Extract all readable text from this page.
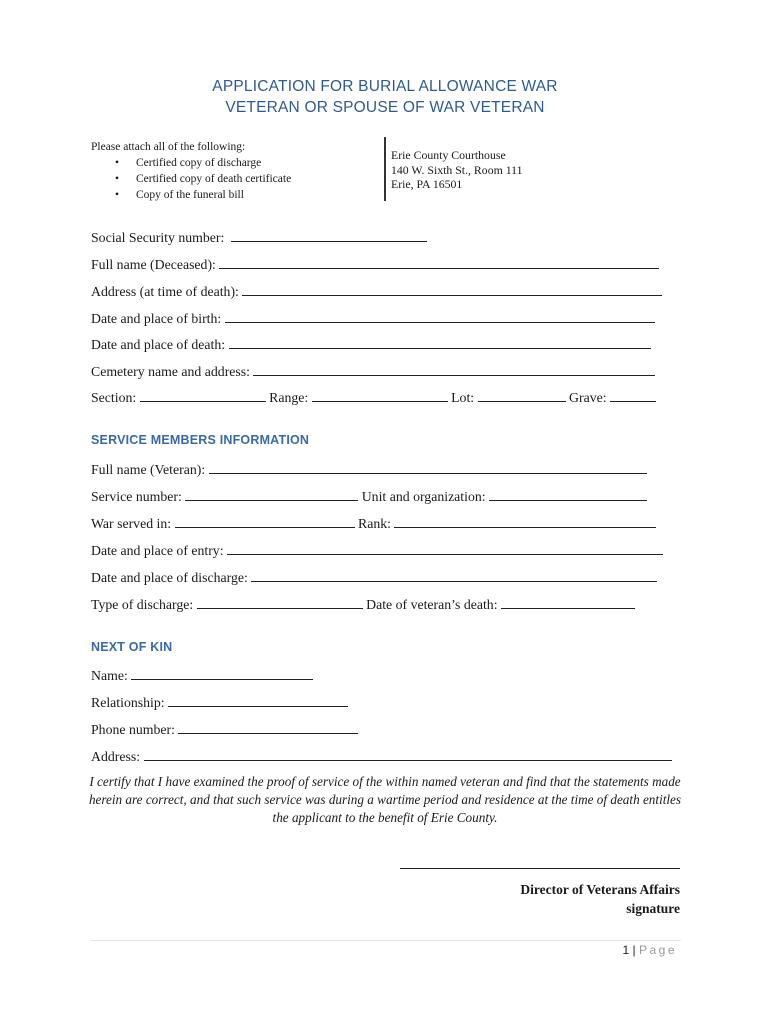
APPLICATION FOR BURIAL ALLOWANCE WAR
VETERAN OR SPOUSE OF WAR VETERAN
Please attach all of the following:
• Certified copy of discharge
• Certified copy of death certificate
• Copy of the funeral bill
Erie County Courthouse
140 W. Sixth St., Room 111
Erie, PA 16501
Social Security number:
Full name (Deceased):
Address (at time of death):
Date and place of birth:
Date and place of death:
Cemetery name and address:
Section:	Range:	Lot:	Grave:
SERVICE MEMBERS INFORMATION
Full name (Veteran):
Service number:	Unit and organization:
War served in:	Rank:
Date and place of entry:
Date and place of discharge:
Type of discharge:	Date of veteran’s death:
NEXT OF KIN
Name:
Relationship:
Phone number:
Address:
I certify that I have examined the proof of service of the within named veteran and find that the statements made herein are correct, and that such service was during a wartime period and residence at the time of death entitles the applicant to the benefit of Erie County.
Director of Veterans Affairs
signature
1 | Page
